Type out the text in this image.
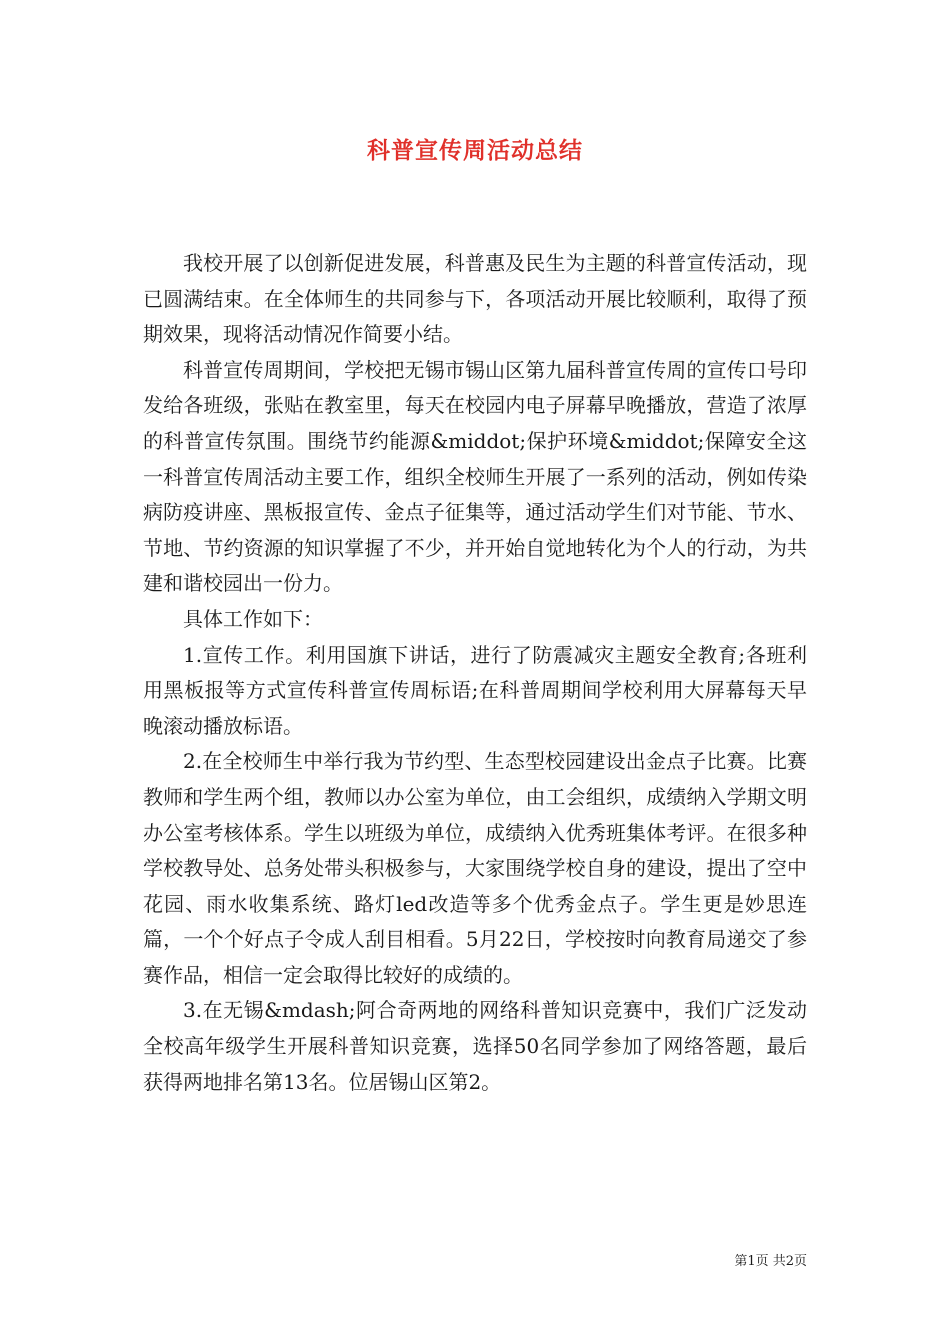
科普宣传周活动总结

我校开展了以创新促进发展，科普惠及民生为主题的科普宣传活动，现已圆满结束。在全体师生的共同参与下，各项活动开展比较顺利，取得了预期效果，现将活动情况作简要小结。

科普宣传周期间，学校把无锡市锡山区第九届科普宣传周的宣传口号印发给各班级，张贴在教室里，每天在校园内电子屏幕早晚播放，营造了浓厚的科普宣传氛围。围绕节约能源&middot;保护环境&middot;保障安全这一科普宣传周活动主要工作，组织全校师生开展了一系列的活动，例如传染病防疫讲座、黑板报宣传、金点子征集等，通过活动学生们对节能、节水、节地、节约资源的知识掌握了不少，并开始自觉地转化为个人的行动，为共建和谐校园出一份力。

具体工作如下：

1.宣传工作。利用国旗下讲话，进行了防震减灾主题安全教育;各班利用黑板报等方式宣传科普宣传周标语;在科普周期间学校利用大屏幕每天早晚滚动播放标语。

2.在全校师生中举行我为节约型、生态型校园建设出金点子比赛。比赛教师和学生两个组，教师以办公室为单位，由工会组织，成绩纳入学期文明办公室考核体系。学生以班级为单位，成绩纳入优秀班集体考评。在很多种学校教导处、总务处带头积极参与，大家围绕学校自身的建设，提出了空中花园、雨水收集系统、路灯led改造等多个优秀金点子。学生更是妙思连篇，一个个好点子令成人刮目相看。5月22日，学校按时向教育局递交了参赛作品，相信一定会取得比较好的成绩的。

3.在无锡&mdash;阿合奇两地的网络科普知识竞赛中，我们广泛发动全校高年级学生开展科普知识竞赛，选择50名同学参加了网络答题，最后获得两地排名第13名。位居锡山区第2。

第1页 共2页
